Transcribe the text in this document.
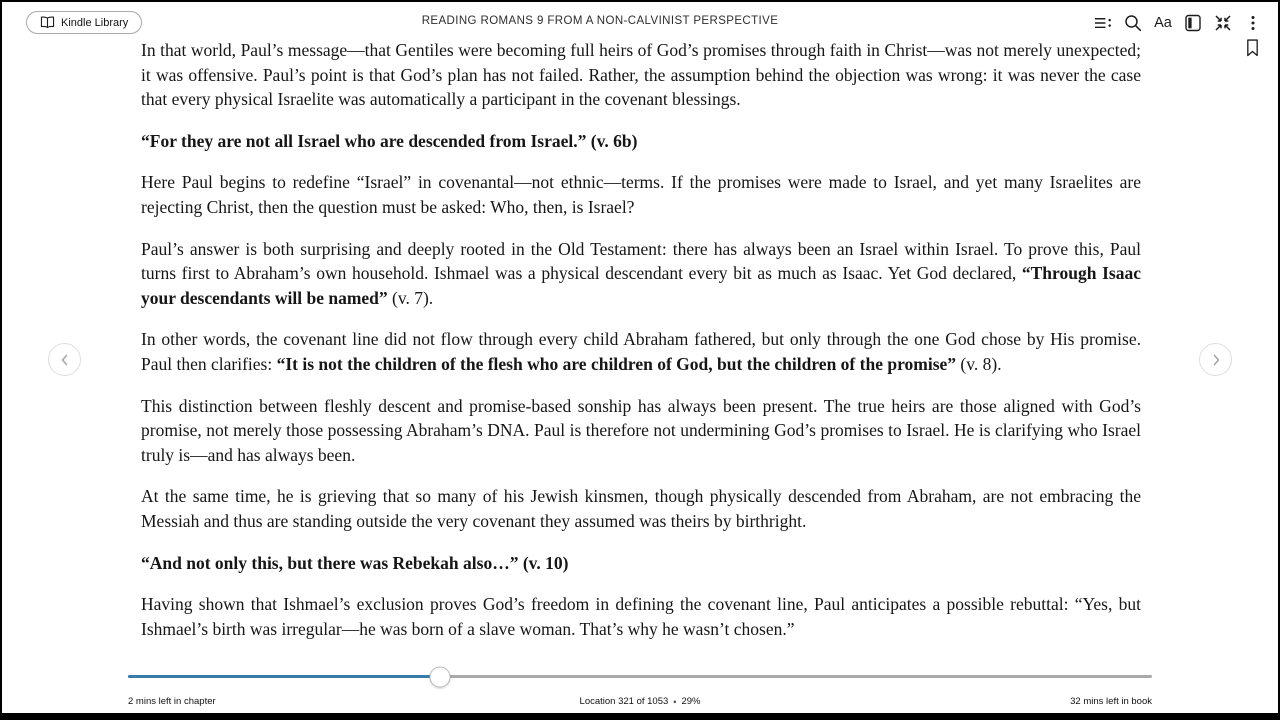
Kindle Library	READING ROMANS 9 FROM A NON-CALVINIST PERSPECTIVE	Aa

In that world, Paul’s message—that Gentiles were becoming full heirs of God’s promises through faith in Christ—was not merely unexpected; it was offensive. Paul’s point is that God’s plan has not failed. Rather, the assumption behind the objection was wrong: it was never the case that every physical Israelite was automatically a participant in the covenant blessings.

“For they are not all Israel who are descended from Israel.” (v. 6b)

Here Paul begins to redefine “Israel” in covenantal—not ethnic—terms. If the promises were made to Israel, and yet many Israelites are rejecting Christ, then the question must be asked: Who, then, is Israel?

Paul’s answer is both surprising and deeply rooted in the Old Testament: there has always been an Israel within Israel. To prove this, Paul turns first to Abraham’s own household. Ishmael was a physical descendant every bit as much as Isaac. Yet God declared, “Through Isaac your descendants will be named” (v. 7).

In other words, the covenant line did not flow through every child Abraham fathered, but only through the one God chose by His promise. Paul then clarifies: “It is not the children of the flesh who are children of God, but the children of the promise” (v. 8).

This distinction between fleshly descent and promise-based sonship has always been present. The true heirs are those aligned with God’s promise, not merely those possessing Abraham’s DNA. Paul is therefore not undermining God’s promises to Israel. He is clarifying who Israel truly is—and has always been.

At the same time, he is grieving that so many of his Jewish kinsmen, though physically descended from Abraham, are not embracing the Messiah and thus are standing outside the very covenant they assumed was theirs by birthright.

“And not only this, but there was Rebekah also…” (v. 10)

Having shown that Ishmael’s exclusion proves God’s freedom in defining the covenant line, Paul anticipates a possible rebuttal: “Yes, but Ishmael’s birth was irregular—he was born of a slave woman. That’s why he wasn’t chosen.”

2 mins left in chapter	Location 321 of 1053 • 29%	32 mins left in book
